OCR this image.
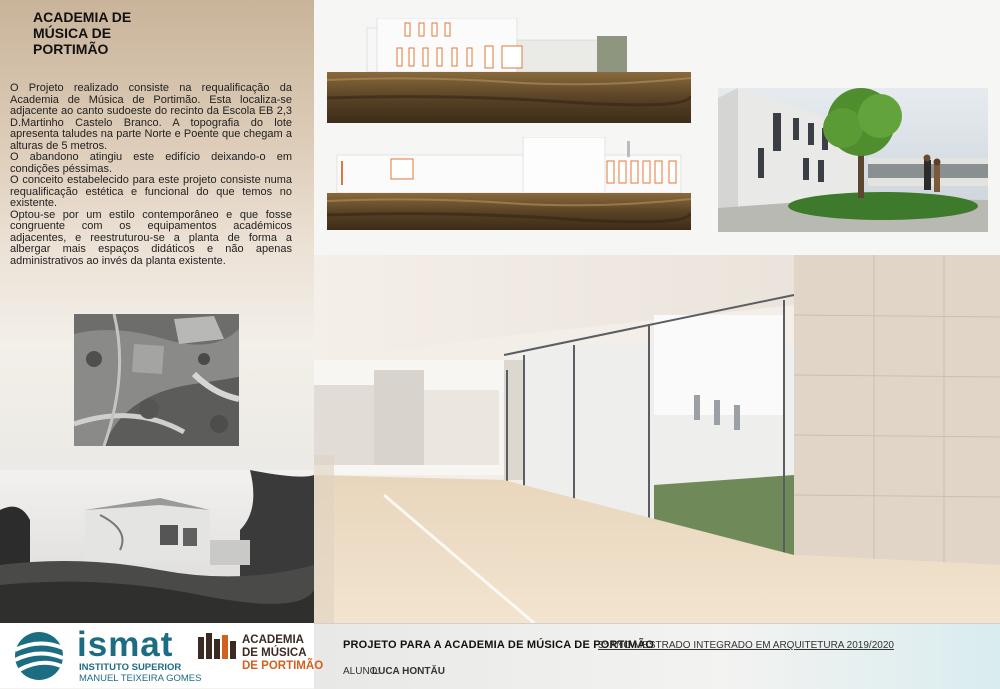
ACADEMIA DE
MÚSICA DE
PORTIMÃO

O Projeto realizado consiste na requalificação da Academia de Música de Portimão. Esta localiza-se adjacente ao canto sudoeste do recinto da Escola EB 2,3 D.Martinho Castelo Branco. A topografia do lote apresenta taludes na parte Norte e Poente que chegam a alturas de 5 metros.

O abandono atingiu este edifício deixando-o em condições péssimas.

O conceito estabelecido para este projeto consiste numa requalificação estética e funcional do que temos no existente.

Optou-se por um estilo contemporâneo e que fosse congruente com os equipamentos académicos adjacentes, e reestruturou-se a planta de forma a albergar mais espaços didáticos e não apenas administrativos ao invés da planta existente.

ismat
INSTITUTO SUPERIOR
MANUEL TEIXEIRA GOMES
ACADEMIA
DE MÚSICA
DE PORTIMÃO
PROJETO PARA A ACADEMIA DE MÚSICA DE PORTIMÃO
3º ANO MESTRADO INTEGRADO EM ARQUITETURA 2019/2020
ALUNO:
LUCA HONTĂU
